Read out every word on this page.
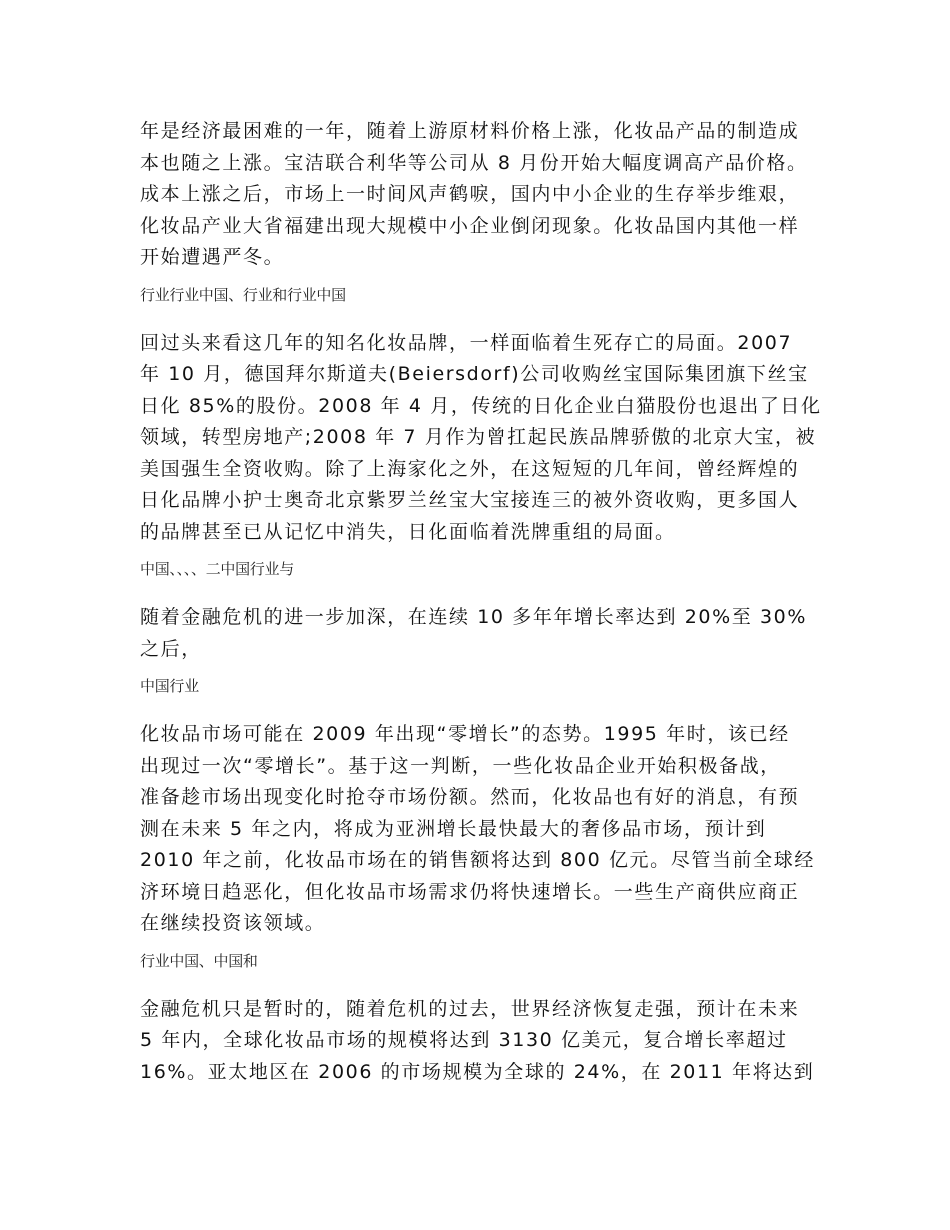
年是经济最困难的一年，随着上游原材料价格上涨，化妆品产品的制造成
本也随之上涨。宝洁联合利华等公司从 8 月份开始大幅度调高产品价格。
成本上涨之后，市场上一时间风声鹤唳，国内中小企业的生存举步维艰，
化妆品产业大省福建出现大规模中小企业倒闭现象。化妆品国内其他一样
开始遭遇严冬。

行业行业中国、行业和行业中国

回过头来看这几年的知名化妆品牌，一样面临着生死存亡的局面。2007
年 10 月，德国拜尔斯道夫(Beiersdorf)公司收购丝宝国际集团旗下丝宝
日化 85%的股份。2008 年 4 月，传统的日化企业白猫股份也退出了日化
领域，转型房地产;2008 年 7 月作为曾扛起民族品牌骄傲的北京大宝，被
美国强生全资收购。除了上海家化之外，在这短短的几年间，曾经辉煌的
日化品牌小护士奥奇北京紫罗兰丝宝大宝接连三的被外资收购，更多国人
的品牌甚至已从记忆中消失，日化面临着洗牌重组的局面。

中国、、、、二中国行业与

随着金融危机的进一步加深，在连续 10 多年年增长率达到 20%至 30%
之后，

中国行业

化妆品市场可能在 2009 年出现“零增长”的态势。1995 年时，该已经
出现过一次“零增长”。基于这一判断，一些化妆品企业开始积极备战，
准备趁市场出现变化时抢夺市场份额。然而，化妆品也有好的消息，有预
测在未来 5 年之内，将成为亚洲增长最快最大的奢侈品市场，预计到
2010 年之前，化妆品市场在的销售额将达到 800 亿元。尽管当前全球经
济环境日趋恶化，但化妆品市场需求仍将快速增长。一些生产商供应商正
在继续投资该领域。

行业中国、中国和

金融危机只是暂时的，随着危机的过去，世界经济恢复走强，预计在未来
5 年内，全球化妆品市场的规模将达到 3130 亿美元，复合增长率超过
16%。亚太地区在 2006 的市场规模为全球的 24%，在 2011 年将达到
